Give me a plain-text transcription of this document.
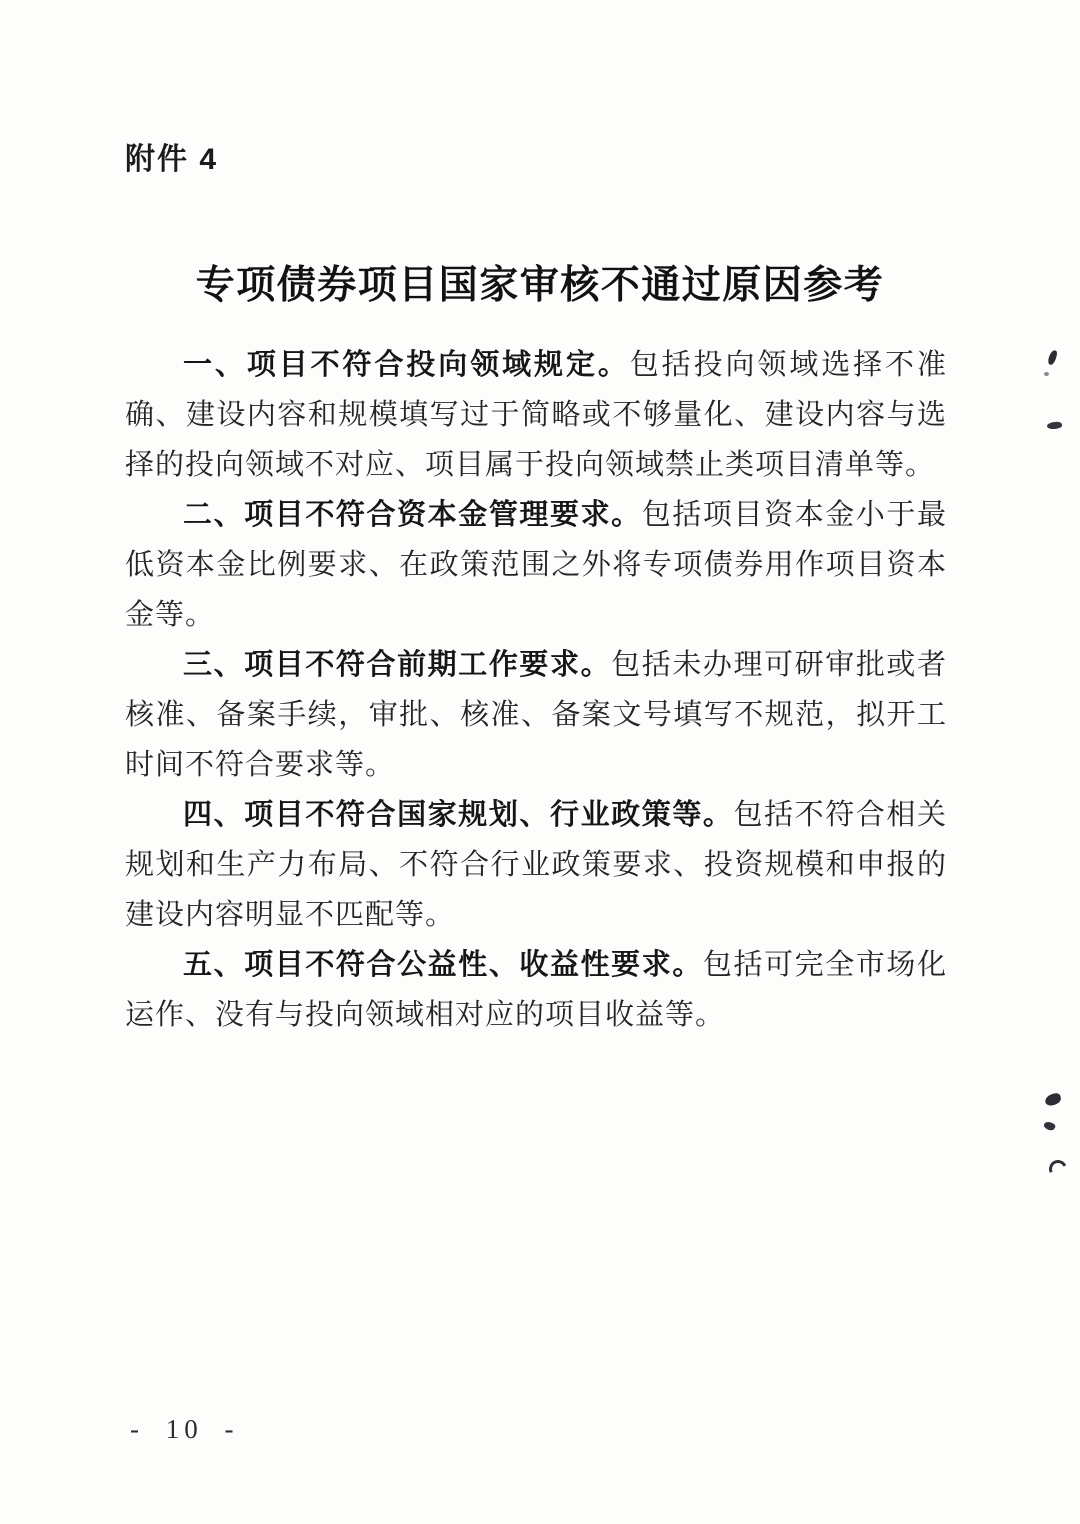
附件 4
专项债券项目国家审核不通过原因参考

一、项目不符合投向领域规定。包括投向领域选择不准确、建设内容和规模填写过于简略或不够量化、建设内容与选择的投向领域不对应、项目属于投向领域禁止类项目清单等。

二、项目不符合资本金管理要求。包括项目资本金小于最低资本金比例要求、在政策范围之外将专项债券用作项目资本金等。

三、项目不符合前期工作要求。包括未办理可研审批或者核准、备案手续，审批、核准、备案文号填写不规范，拟开工时间不符合要求等。

四、项目不符合国家规划、行业政策等。包括不符合相关规划和生产力布局、不符合行业政策要求、投资规模和申报的建设内容明显不匹配等。

五、项目不符合公益性、收益性要求。包括可完全市场化运作、没有与投向领域相对应的项目收益等。

- 10 -
